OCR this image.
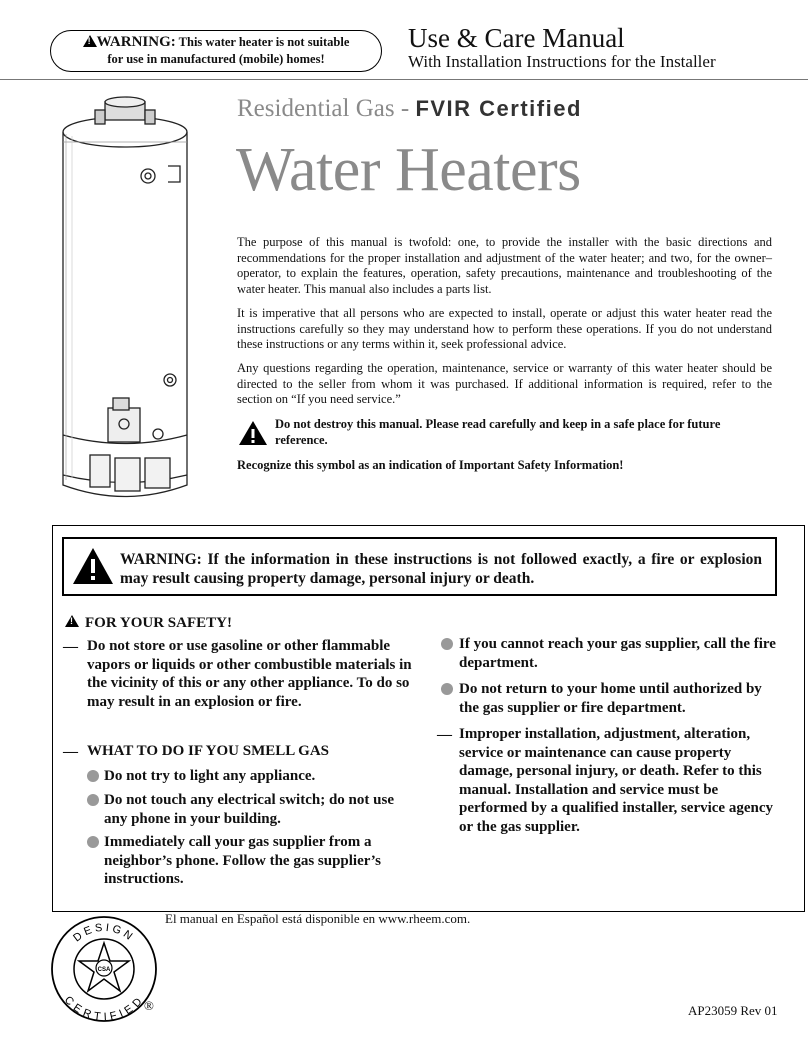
!WARNING: This water heater is not suitable
for use in manufactured (mobile) homes!
Use & Care Manual
With Installation Instructions for the Installer
Residential Gas - FVIR Certified
Water Heaters
The purpose of this manual is twofold: one, to provide the installer with the basic directions and recommendations for the proper installation and adjustment of the water heater; and two, for the owner–operator, to explain the features, operation, safety precautions, maintenance and troubleshooting of the water heater. This manual also includes a parts list.
It is imperative that all persons who are expected to install, operate or adjust this water heater read the instructions carefully so they may understand how to perform these operations. If you do not understand these instructions or any terms within it, seek professional advice.
Any questions regarding the operation, maintenance, service or warranty of this water heater should be directed to the seller from whom it was purchased. If additional information is required, refer to the section on “If you need service.”
Do not destroy this manual. Please read carefully and keep in a safe place for future reference.
Recognize this symbol as an indication of Important Safety Information!
WARNING: If the information in these instructions is not followed exactly, a fire or explosion may result causing property damage, personal injury or death.
!FOR YOUR SAFETY!
— Do not store or use gasoline or other flammable vapors or liquids or other combustible materials in the vicinity of this or any other appliance. To do so may result in an explosion or fire.
— WHAT TO DO IF YOU SMELL GAS
Do not try to light any appliance.
Do not touch any electrical switch; do not use any phone in your building.
Immediately call your gas supplier from a neighbor’s phone. Follow the gas supplier’s instructions.
If you cannot reach your gas supplier, call the fire department.
Do not return to your home until authorized by the gas supplier or fire department.
— Improper installation, adjustment, alteration, service or maintenance can cause property damage, personal injury, or death. Refer to this manual. Installation and service must be performed by a qualified installer, service agency or the gas supplier.
El manual en Español está disponible en www.rheem.com.
AP23059 Rev 01
CSA
DESIGN
CERTIFIED
®
